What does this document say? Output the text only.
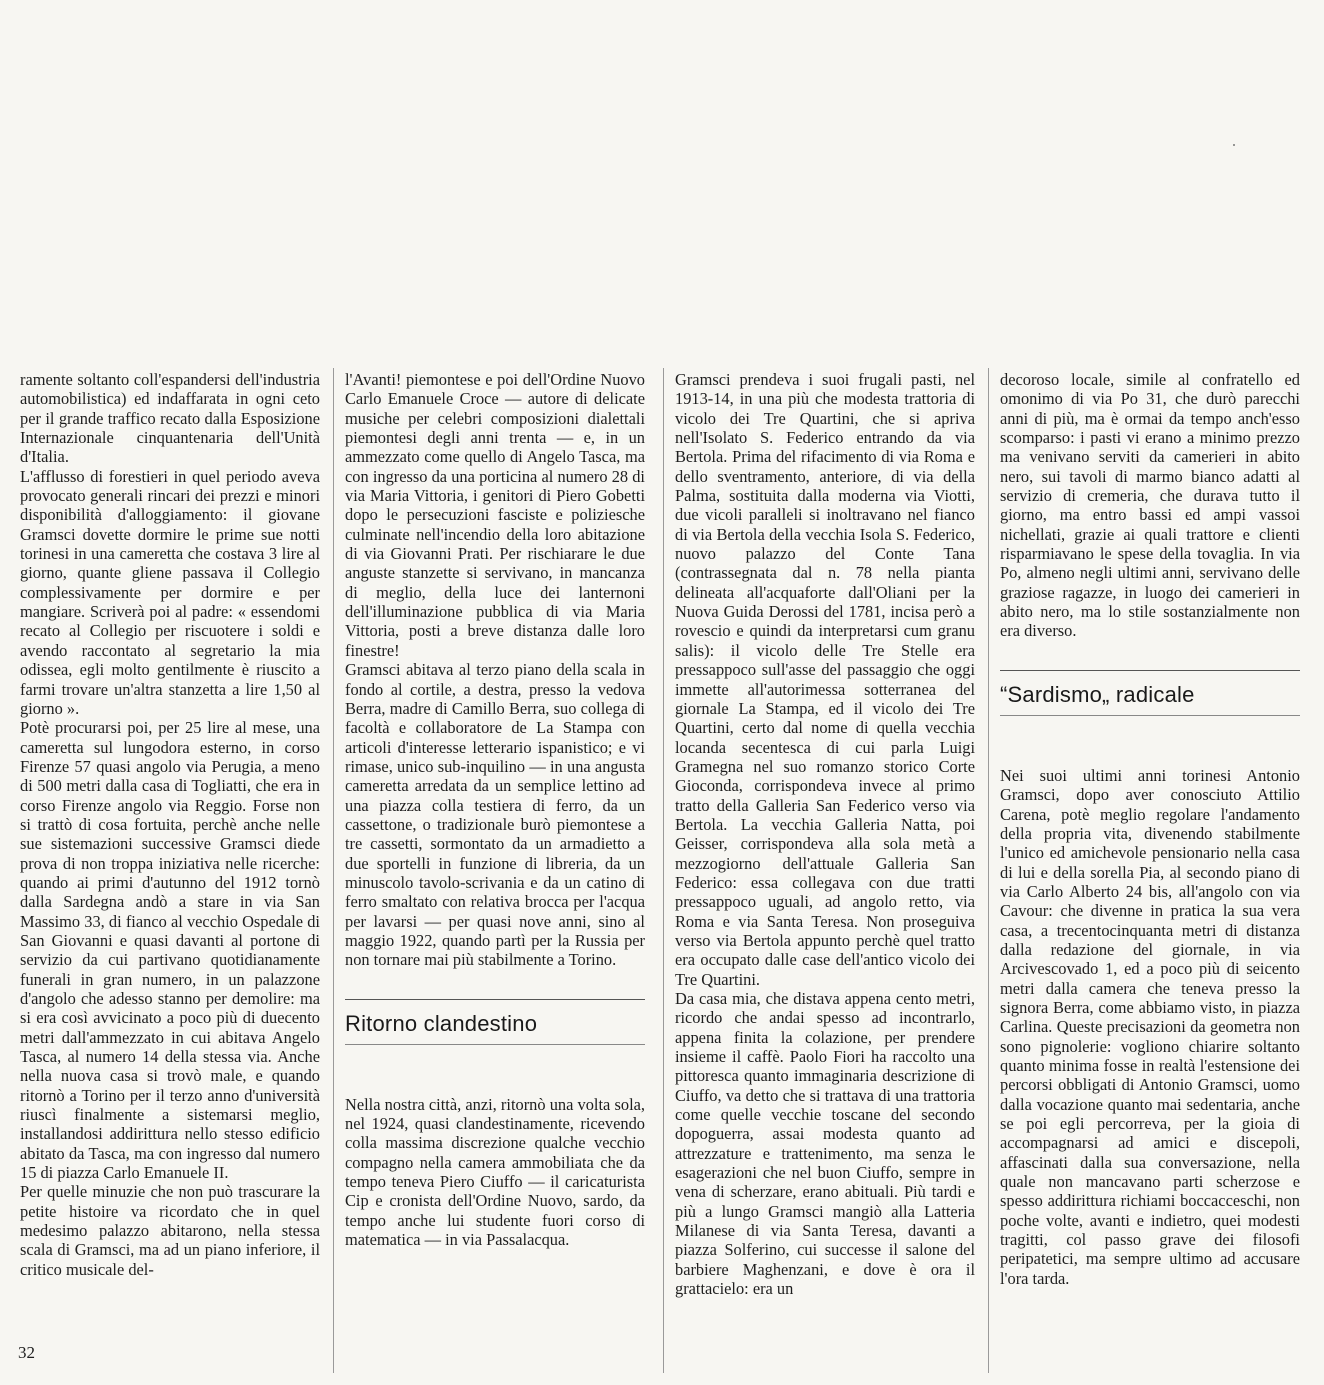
ramente soltanto coll'espandersi dell'industria automobilistica) ed indaffarata in ogni ceto per il grande traffico recato dalla Esposizione Internazionale cinquantenaria dell'Unità d'Italia.

L'afflusso di forestieri in quel periodo aveva provocato generali rincari dei prezzi e minori disponibilità d'alloggiamento: il giovane Gramsci dovette dormire le prime sue notti torinesi in una cameretta che costava 3 lire al giorno, quante gliene passava il Collegio complessivamente per dormire e per mangiare. Scriverà poi al padre: « essendomi recato al Collegio per riscuotere i soldi e avendo raccontato al segretario la mia odissea, egli molto gentilmente è riuscito a farmi trovare un'altra stanzetta a lire 1,50 al giorno ».

Potè procurarsi poi, per 25 lire al mese, una cameretta sul lungodora esterno, in corso Firenze 57 quasi angolo via Perugia, a meno di 500 metri dalla casa di Togliatti, che era in corso Firenze angolo via Reggio. Forse non si trattò di cosa fortuita, perchè anche nelle sue sistemazioni successive Gramsci diede prova di non troppa iniziativa nelle ricerche: quando ai primi d'autunno del 1912 tornò dalla Sardegna andò a stare in via San Massimo 33, di fianco al vecchio Ospedale di San Giovanni e quasi davanti al portone di servizio da cui partivano quotidianamente funerali in gran numero, in un palazzone d'angolo che adesso stanno per demolire: ma si era così avvicinato a poco più di duecento metri dall'ammezzato in cui abitava Angelo Tasca, al numero 14 della stessa via. Anche nella nuova casa si trovò male, e quando ritornò a Torino per il terzo anno d'università riuscì finalmente a sistemarsi meglio, installandosi addirittura nello stesso edificio abitato da Tasca, ma con ingresso dal numero 15 di piazza Carlo Emanuele II.

Per quelle minuzie che non può trascurare la petite histoire va ricordato che in quel medesimo palazzo abitarono, nella stessa scala di Gramsci, ma ad un piano inferiore, il critico musicale del-

l'Avanti! piemontese e poi dell'Ordine Nuovo Carlo Emanuele Croce — autore di delicate musiche per celebri composizioni dialettali piemontesi degli anni trenta — e, in un ammezzato come quello di Angelo Tasca, ma con ingresso da una porticina al numero 28 di via Maria Vittoria, i genitori di Piero Gobetti dopo le persecuzioni fasciste e poliziesche culminate nell'incendio della loro abitazione di via Giovanni Prati. Per rischiarare le due anguste stanzette si servivano, in mancanza di meglio, della luce dei lanternoni dell'illuminazione pubblica di via Maria Vittoria, posti a breve distanza dalle loro finestre!

Gramsci abitava al terzo piano della scala in fondo al cortile, a destra, presso la vedova Berra, madre di Camillo Berra, suo collega di facoltà e collaboratore de La Stampa con articoli d'interesse letterario ispanistico; e vi rimase, unico sub-inquilino — in una angusta cameretta arredata da un semplice lettino ad una piazza colla testiera di ferro, da un cassettone, o tradizionale burò piemontese a tre cassetti, sormontato da un armadietto a due sportelli in funzione di libreria, da un minuscolo tavolo-scrivania e da un catino di ferro smaltato con relativa brocca per l'acqua per lavarsi — per quasi nove anni, sino al maggio 1922, quando partì per la Russia per non tornare mai più stabilmente a Torino.

Ritorno clandestino

Nella nostra città, anzi, ritornò una volta sola, nel 1924, quasi clandestinamente, ricevendo colla massima discrezione qualche vecchio compagno nella camera ammobiliata che da tempo teneva Piero Ciuffo — il caricaturista Cip e cronista dell'Ordine Nuovo, sardo, da tempo anche lui studente fuori corso di matematica — in via Passalacqua.

Gramsci prendeva i suoi frugali pasti, nel 1913-14, in una più che modesta trattoria di vicolo dei Tre Quartini, che si apriva nell'Isolato S. Federico entrando da via Bertola. Prima del rifacimento di via Roma e dello sventramento, anteriore, di via della Palma, sostituita dalla moderna via Viotti, due vicoli paralleli si inoltravano nel fianco di via Bertola della vecchia Isola S. Federico, nuovo palazzo del Conte Tana (contrassegnata dal n. 78 nella pianta delineata all'acquaforte dall'Oliani per la Nuova Guida Derossi del 1781, incisa però a rovescio e quindi da interpretarsi cum granu salis): il vicolo delle Tre Stelle era pressappoco sull'asse del passaggio che oggi immette all'autorimessa sotterranea del giornale La Stampa, ed il vicolo dei Tre Quartini, certo dal nome di quella vecchia locanda secentesca di cui parla Luigi Gramegna nel suo romanzo storico Corte Gioconda, corrispondeva invece al primo tratto della Galleria San Federico verso via Bertola. La vecchia Galleria Natta, poi Geisser, corrispondeva alla sola metà a mezzogiorno dell'attuale Galleria San Federico: essa collegava con due tratti pressappoco uguali, ad angolo retto, via Roma e via Santa Teresa. Non proseguiva verso via Bertola appunto perchè quel tratto era occupato dalle case dell'antico vicolo dei Tre Quartini.

Da casa mia, che distava appena cento metri, ricordo che andai spesso ad incontrarlo, appena finita la colazione, per prendere insieme il caffè. Paolo Fiori ha raccolto una pittoresca quanto immaginaria descrizione di Ciuffo, va detto che si trattava di una trattoria come quelle vecchie toscane del secondo dopoguerra, assai modesta quanto ad attrezzature e trattenimento, ma senza le esagerazioni che nel buon Ciuffo, sempre in vena di scherzare, erano abituali. Più tardi e più a lungo Gramsci mangiò alla Latteria Milanese di via Santa Teresa, davanti a piazza Solferino, cui successe il salone del barbiere Maghenzani, e dove è ora il grattacielo: era un

decoroso locale, simile al confratello ed omonimo di via Po 31, che durò parecchi anni di più, ma è ormai da tempo anch'esso scomparso: i pasti vi erano a minimo prezzo ma venivano serviti da camerieri in abito nero, sui tavoli di marmo bianco adatti al servizio di cremeria, che durava tutto il giorno, ma entro bassi ed ampi vassoi nichellati, grazie ai quali trattore e clienti risparmiavano le spese della tovaglia. In via Po, almeno negli ultimi anni, servivano delle graziose ragazze, in luogo dei camerieri in abito nero, ma lo stile sostanzialmente non era diverso.

“Sardismo„ radicale

Nei suoi ultimi anni torinesi Antonio Gramsci, dopo aver conosciuto Attilio Carena, potè meglio regolare l'andamento della propria vita, divenendo stabilmente l'unico ed amichevole pensionario nella casa di lui e della sorella Pia, al secondo piano di via Carlo Alberto 24 bis, all'angolo con via Cavour: che divenne in pratica la sua vera casa, a trecentocinquanta metri di distanza dalla redazione del giornale, in via Arcivescovado 1, ed a poco più di seicento metri dalla camera che teneva presso la signora Berra, come abbiamo visto, in piazza Carlina. Queste precisazioni da geometra non sono pignolerie: vogliono chiarire soltanto quanto minima fosse in realtà l'estensione dei percorsi obbligati di Antonio Gramsci, uomo dalla vocazione quanto mai sedentaria, anche se poi egli percorreva, per la gioia di accompagnarsi ad amici e discepoli, affascinati dalla sua conversazione, nella quale non mancavano parti scherzose e spesso addirittura richiami boccacceschi, non poche volte, avanti e indietro, quei modesti tragitti, col passo grave dei filosofi peripatetici, ma sempre ultimo ad accusare l'ora tarda.

32
